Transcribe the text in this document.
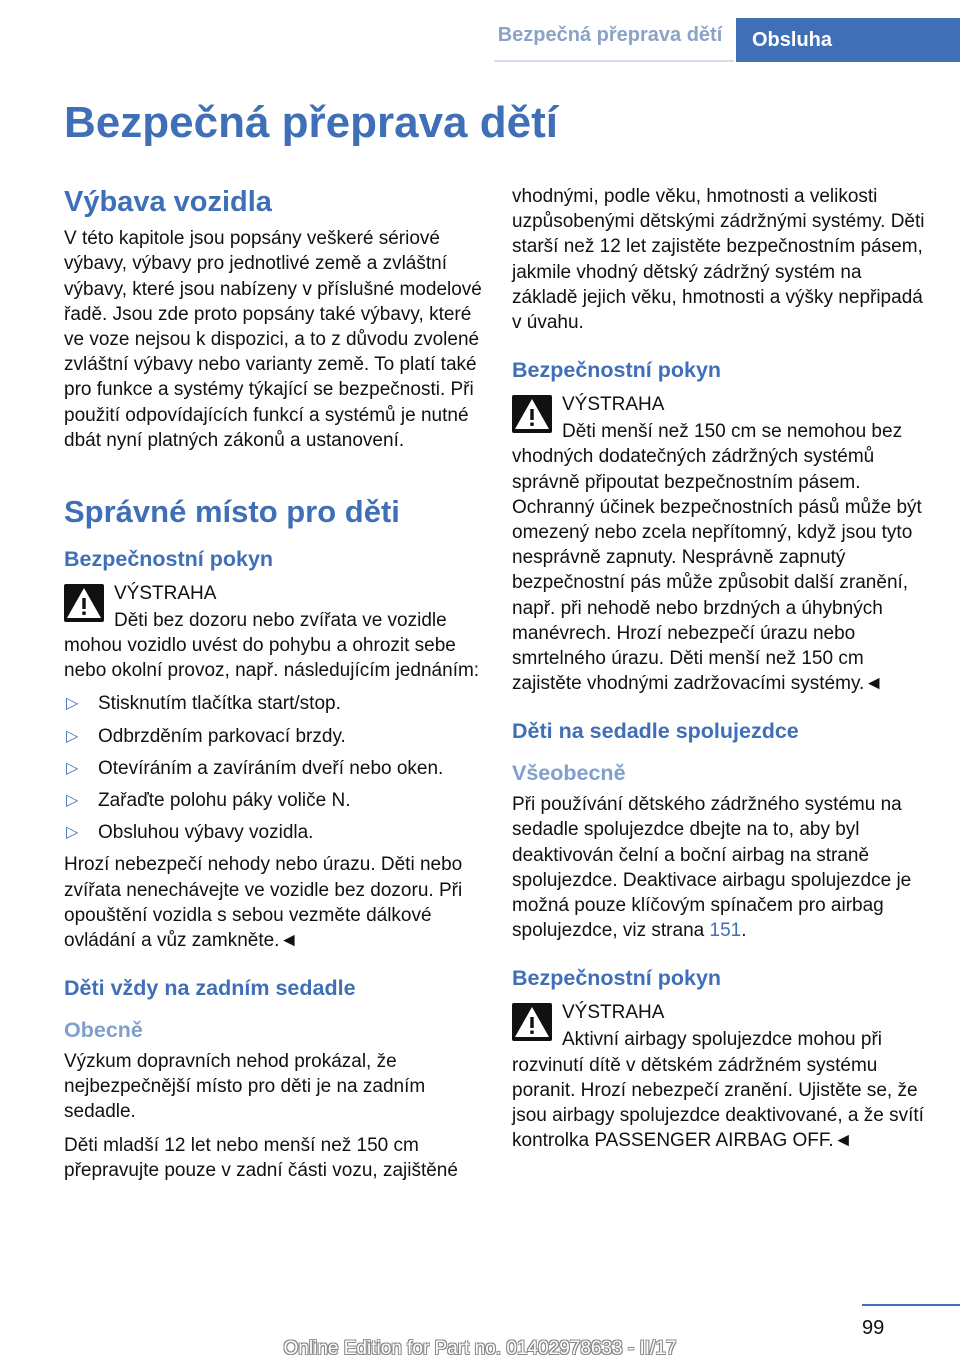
Bezpečná přeprava dětí	Obsluha
Bezpečná přeprava dětí
Výbava vozidla

V této kapitole jsou popsány veškeré sériové výbavy, výbavy pro jednotlivé země a zvláštní výbavy, které jsou nabízeny v příslušné modelové řadě. Jsou zde proto popsány také výbavy, které ve voze nejsou k dispozici, a to z důvodu zvolené zvláštní výbavy nebo varianty země. To platí také pro funkce a systémy týkající se bezpečnosti. Při použití odpovídajících funkcí a systémů je nutné dbát nyní platných zákonů a ustanovení.

Správné místo pro děti
Bezpečnostní pokyn
VÝSTRAHA
Děti bez dozoru nebo zvířata ve vozidle
mohou vozidlo uvést do pohybu a ohrozit sebe nebo okolní provoz, např. následujícím jednáním:
▷ Stisknutím tlačítka start/stop.
▷ Odbrzděním parkovací brzdy.
▷ Otevíráním a zavíráním dveří nebo oken.
▷ Zařaďte polohu páky voliče N.
▷ Obsluhou výbavy vozidla.

Hrozí nebezpečí nehody nebo úrazu. Děti nebo zvířata nenechávejte ve vozidle bez dozoru. Při opouštění vozidla s sebou vezměte dálkové ovládání a vůz zamkněte.◄

Děti vždy na zadním sedadle
Obecně

Výzkum dopravních nehod prokázal, že nejbezpečnější místo pro děti je na zadním sedadle.

Děti mladší 12 let nebo menší než 150 cm přepravujte pouze v zadní části vozu, zajištěné

vhodnými, podle věku, hmotnosti a velikosti uzpůsobenými dětskými zádržnými systémy. Děti starší než 12 let zajistěte bezpečnostním pásem, jakmile vhodný dětský zádržný systém na základě jejich věku, hmotnosti a výšky nepřipadá v úvahu.

Bezpečnostní pokyn
VÝSTRAHA
Děti menší než 150 cm se nemohou bez
vhodných dodatečných zádržných systémů správně připoutat bezpečnostním pásem. Ochranný účinek bezpečnostních pásů může být omezený nebo zcela nepřítomný, když jsou tyto nesprávně zapnuty. Nesprávně zapnutý bezpečnostní pás může způsobit další zranění, např. při nehodě nebo brzdných a úhybných manévrech. Hrozí nebezpečí úrazu nebo smrtelného úrazu. Děti menší než 150 cm zajistěte vhodnými zadržovacími systémy.◄
Děti na sedadle spolujezdce
Všeobecně

Při používání dětského zádržného systému na sedadle spolujezdce dbejte na to, aby byl deaktivován čelní a boční airbag na straně spolujezdce. Deaktivace airbagu spolujezdce je možná pouze klíčovým spínačem pro airbag spolujezdce, viz strana 151.

Bezpečnostní pokyn
VÝSTRAHA
Aktivní airbagy spolujezdce mohou při
rozvinutí dítě v dětském zádržném systému poranit. Hrozí nebezpečí zranění. Ujistěte se, že jsou airbagy spolujezdce deaktivované, a že svítí kontrolka PASSENGER AIRBAG OFF.◄
99
Online Edition for Part no. 01402978633 - II/17
